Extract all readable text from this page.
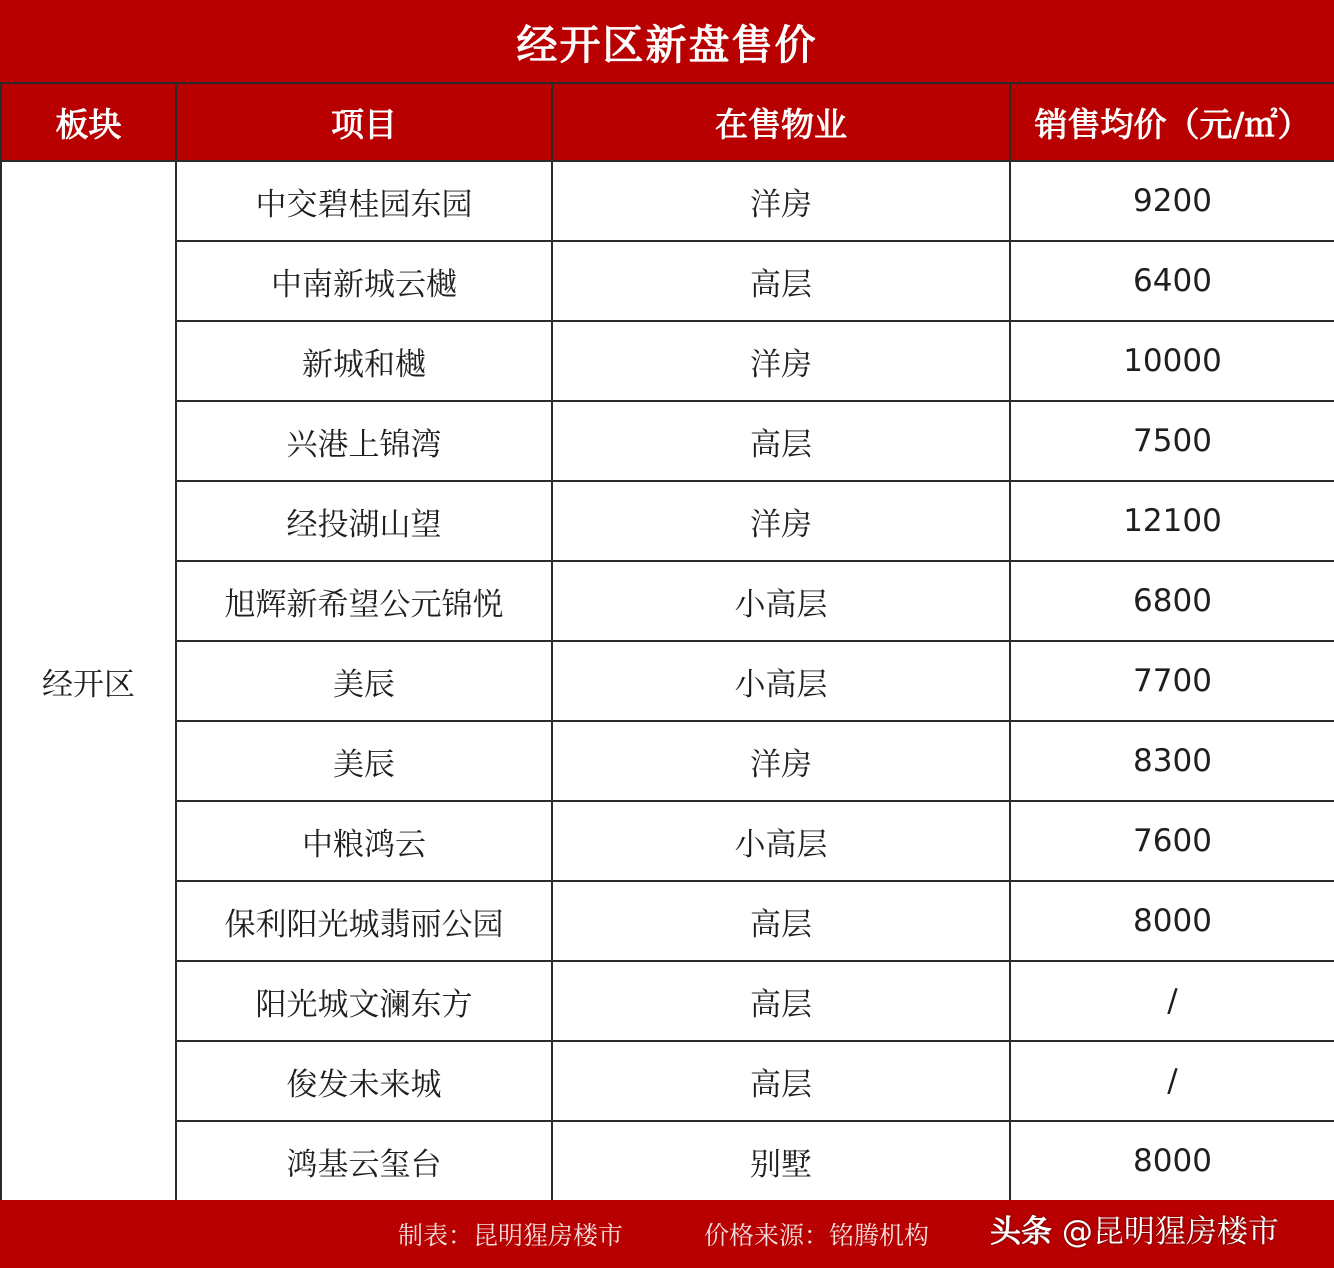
经开区新盘售价
板块	项目	在售物业	销售均价（元/㎡）
经开区	中交碧桂园东园	洋房	9200
	中南新城云樾	高层	6400
	新城和樾	洋房	10000
	兴港上锦湾	高层	7500
	经投湖山望	洋房	12100
	旭辉新希望公元锦悦	小高层	6800
	美辰	小高层	7700
	美辰	洋房	8300
	中粮鸿云	小高层	7600
	保利阳光城翡丽公园	高层	8000
	阳光城文澜东方	高层	/
	俊发未来城	高层	/
	鸿基云玺台	别墅	8000
制表：昆明猩房楼市	价格来源：铭腾机构 头条 @昆明猩房楼市
